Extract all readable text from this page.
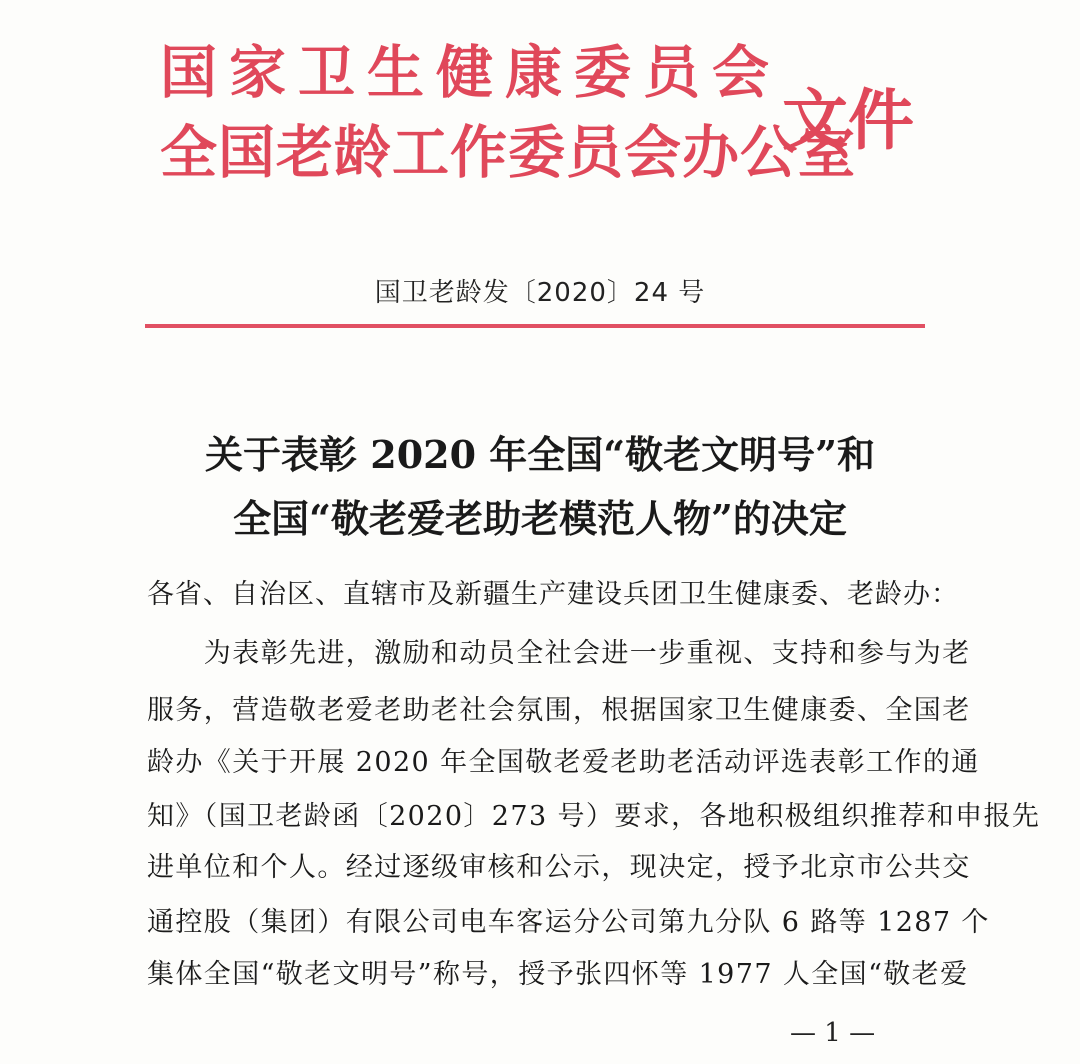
国家卫生健康委员会
全国老龄工作委员会办公室
文件
国卫老龄发〔2020〕24 号
关于表彰 2020 年全国“敬老文明号”和
全国“敬老爱老助老模范人物”的决定
各省、自治区、直辖市及新疆生产建设兵团卫生健康委、老龄办：
　　为表彰先进，激励和动员全社会进一步重视、支持和参与为老
服务，营造敬老爱老助老社会氛围，根据国家卫生健康委、全国老
龄办《关于开展 2020 年全国敬老爱老助老活动评选表彰工作的通
知》（国卫老龄函〔2020〕273 号）要求，各地积极组织推荐和申报先
进单位和个人。经过逐级审核和公示，现决定，授予北京市公共交
通控股（集团）有限公司电车客运分公司第九分队 6 路等 1287 个
集体全国“敬老文明号”称号，授予张四怀等 1977 人全国“敬老爱
— 1 —
